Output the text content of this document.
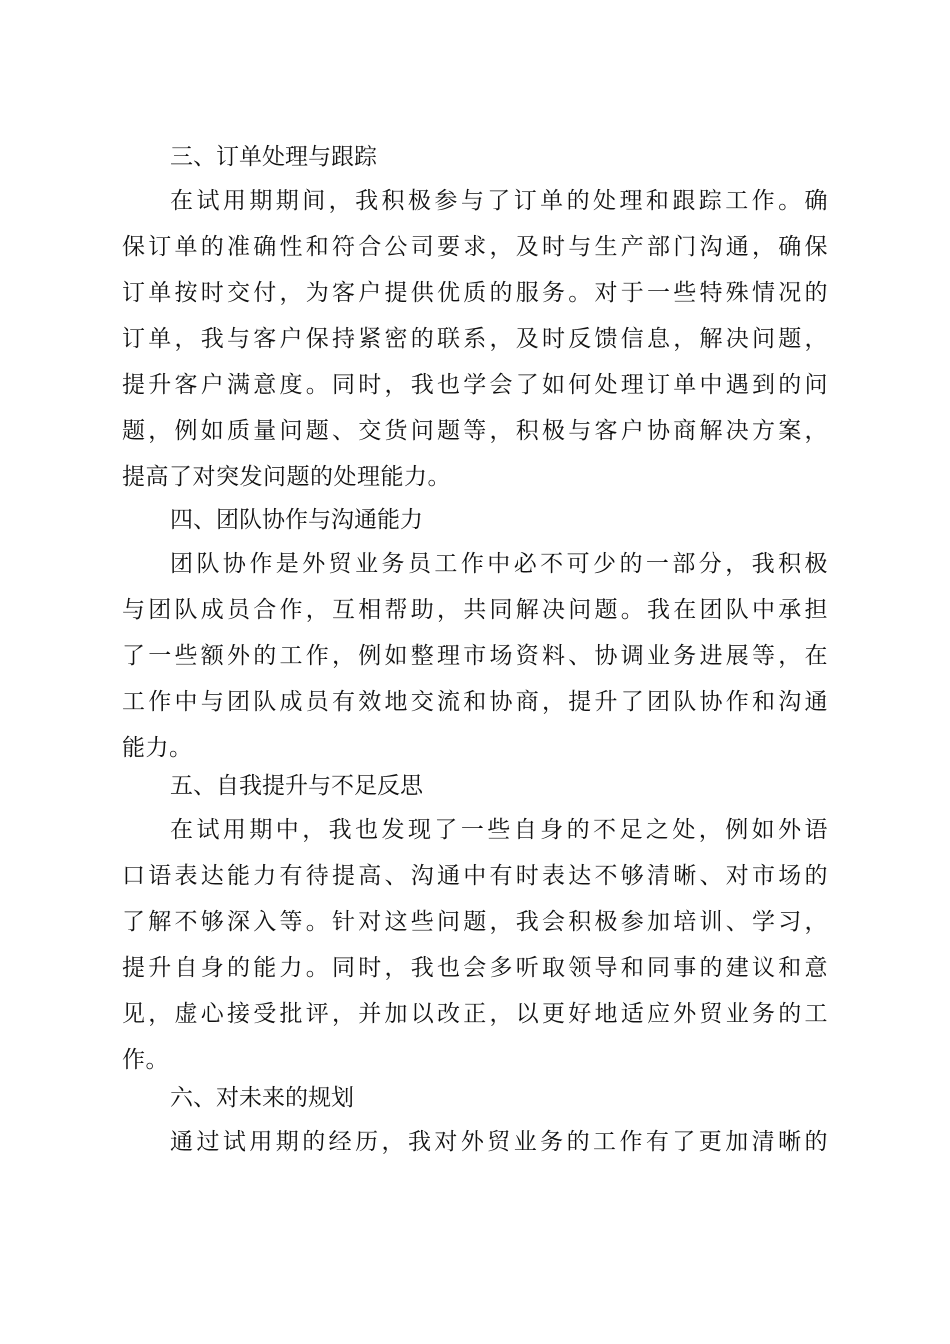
三、订单处理与跟踪
在试用期期间，我积极参与了订单的处理和跟踪工作。确
保订单的准确性和符合公司要求，及时与生产部门沟通，确保
订单按时交付，为客户提供优质的服务。对于一些特殊情况的
订单，我与客户保持紧密的联系，及时反馈信息，解决问题，
提升客户满意度。同时，我也学会了如何处理订单中遇到的问
题，例如质量问题、交货问题等，积极与客户协商解决方案，
提高了对突发问题的处理能力。
四、团队协作与沟通能力
团队协作是外贸业务员工作中必不可少的一部分，我积极
与团队成员合作，互相帮助，共同解决问题。我在团队中承担
了一些额外的工作，例如整理市场资料、协调业务进展等，在
工作中与团队成员有效地交流和协商，提升了团队协作和沟通
能力。
五、自我提升与不足反思
在试用期中，我也发现了一些自身的不足之处，例如外语
口语表达能力有待提高、沟通中有时表达不够清晰、对市场的
了解不够深入等。针对这些问题，我会积极参加培训、学习，
提升自身的能力。同时，我也会多听取领导和同事的建议和意
见，虚心接受批评，并加以改正，以更好地适应外贸业务的工
作。
六、对未来的规划
通过试用期的经历，我对外贸业务的工作有了更加清晰的
